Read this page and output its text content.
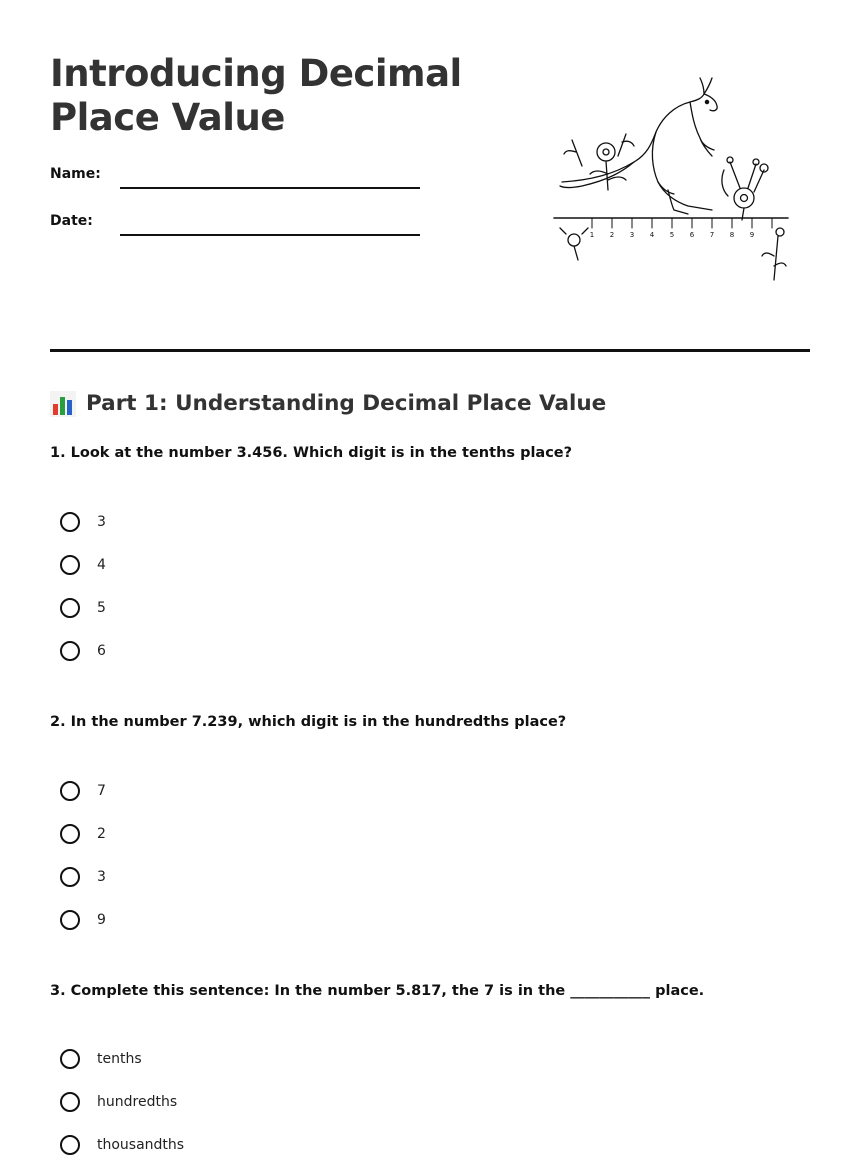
Introducing Decimal
Place Value
Name:
Date:
1 2 3 4 5 6 7 8 9
Part 1: Understanding Decimal Place Value

1. Look at the number 3.456. Which digit is in the tenths place?

3
4
5
6

2. In the number 7.239, which digit is in the hundredths place?

7
2
3
9

3. Complete this sentence: In the number 5.817, the 7 is in the ___________ place.

tenths
hundredths
thousandths
